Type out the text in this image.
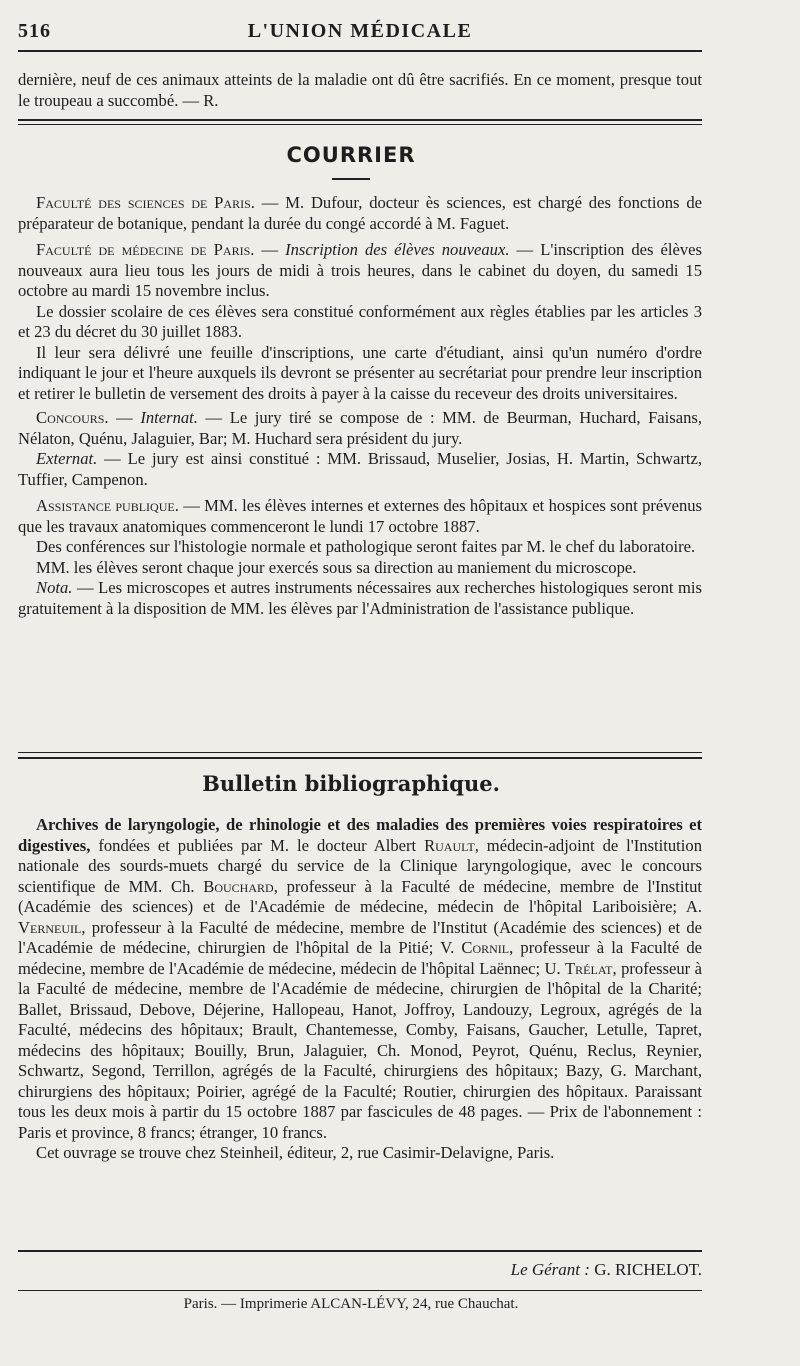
516	L'UNION MÉDICALE

dernière, neuf de ces animaux atteints de la maladie ont dû être sacrifiés. En ce moment, presque tout le troupeau a succombé. — R.

COURRIER

Faculté des sciences de Paris. — M. Dufour, docteur ès sciences, est chargé des fonctions de préparateur de botanique, pendant la durée du congé accordé à M. Faguet.

Faculté de médecine de Paris. — Inscription des élèves nouveaux. — L'inscription des élèves nouveaux aura lieu tous les jours de midi à trois heures, dans le cabinet du doyen, du samedi 15 octobre au mardi 15 novembre inclus.

Le dossier scolaire de ces élèves sera constitué conformément aux règles établies par les articles 3 et 23 du décret du 30 juillet 1883.

Il leur sera délivré une feuille d'inscriptions, une carte d'étudiant, ainsi qu'un numéro d'ordre indiquant le jour et l'heure auxquels ils devront se présenter au secrétariat pour prendre leur inscription et retirer le bulletin de versement des droits à payer à la caisse du receveur des droits universitaires.

Concours. — Internat. — Le jury tiré se compose de : MM. de Beurman, Huchard, Faisans, Nélaton, Quénu, Jalaguier, Bar; M. Huchard sera président du jury.

Externat. — Le jury est ainsi constitué : MM. Brissaud, Muselier, Josias, H. Martin, Schwartz, Tuffier, Campenon.

Assistance publique. — MM. les élèves internes et externes des hôpitaux et hospices sont prévenus que les travaux anatomiques commenceront le lundi 17 octobre 1887.

Des conférences sur l'histologie normale et pathologique seront faites par M. le chef du laboratoire.

MM. les élèves seront chaque jour exercés sous sa direction au maniement du microscope.

Nota. — Les microscopes et autres instruments nécessaires aux recherches histologiques seront mis gratuitement à la disposition de MM. les élèves par l'Administration de l'assistance publique.

Bulletin bibliographique.

Archives de laryngologie, de rhinologie et des maladies des premières voies respiratoires et digestives, fondées et publiées par M. le docteur Albert Ruault, médecin-adjoint de l'Institution nationale des sourds-muets chargé du service de la Clinique laryngologique, avec le concours scientifique de MM. Ch. Bouchard, professeur à la Faculté de médecine, membre de l'Institut (Académie des sciences) et de l'Académie de médecine, médecin de l'hôpital Lariboisière; A. Verneuil, professeur à la Faculté de médecine, membre de l'Institut (Académie des sciences) et de l'Académie de médecine, chirurgien de l'hôpital de la Pitié; V. Cornil, professeur à la Faculté de médecine, membre de l'Académie de médecine, médecin de l'hôpital Laënnec; U. Trélat, professeur à la Faculté de médecine, membre de l'Académie de médecine, chirurgien de l'hôpital de la Charité; Ballet, Brissaud, Debove, Déjerine, Hallopeau, Hanot, Joffroy, Landouzy, Legroux, agrégés de la Faculté, médecins des hôpitaux; Brault, Chantemesse, Comby, Faisans, Gaucher, Letulle, Tapret, médecins des hôpitaux; Bouilly, Brun, Jalaguier, Ch. Monod, Peyrot, Quénu, Reclus, Reynier, Schwartz, Segond, Terrillon, agrégés de la Faculté, chirurgiens des hôpitaux; Bazy, G. Marchant, chirurgiens des hôpitaux; Poirier, agrégé de la Faculté; Routier, chirurgien des hôpitaux. Paraissant tous les deux mois à partir du 15 octobre 1887 par fascicules de 48 pages. — Prix de l'abonnement : Paris et province, 8 francs; étranger, 10 francs.

Cet ouvrage se trouve chez Steinheil, éditeur, 2, rue Casimir-Delavigne, Paris.

Le Gérant : G. RICHELOT.
Paris. — Imprimerie ALCAN-LÉVY, 24, rue Chauchat.
